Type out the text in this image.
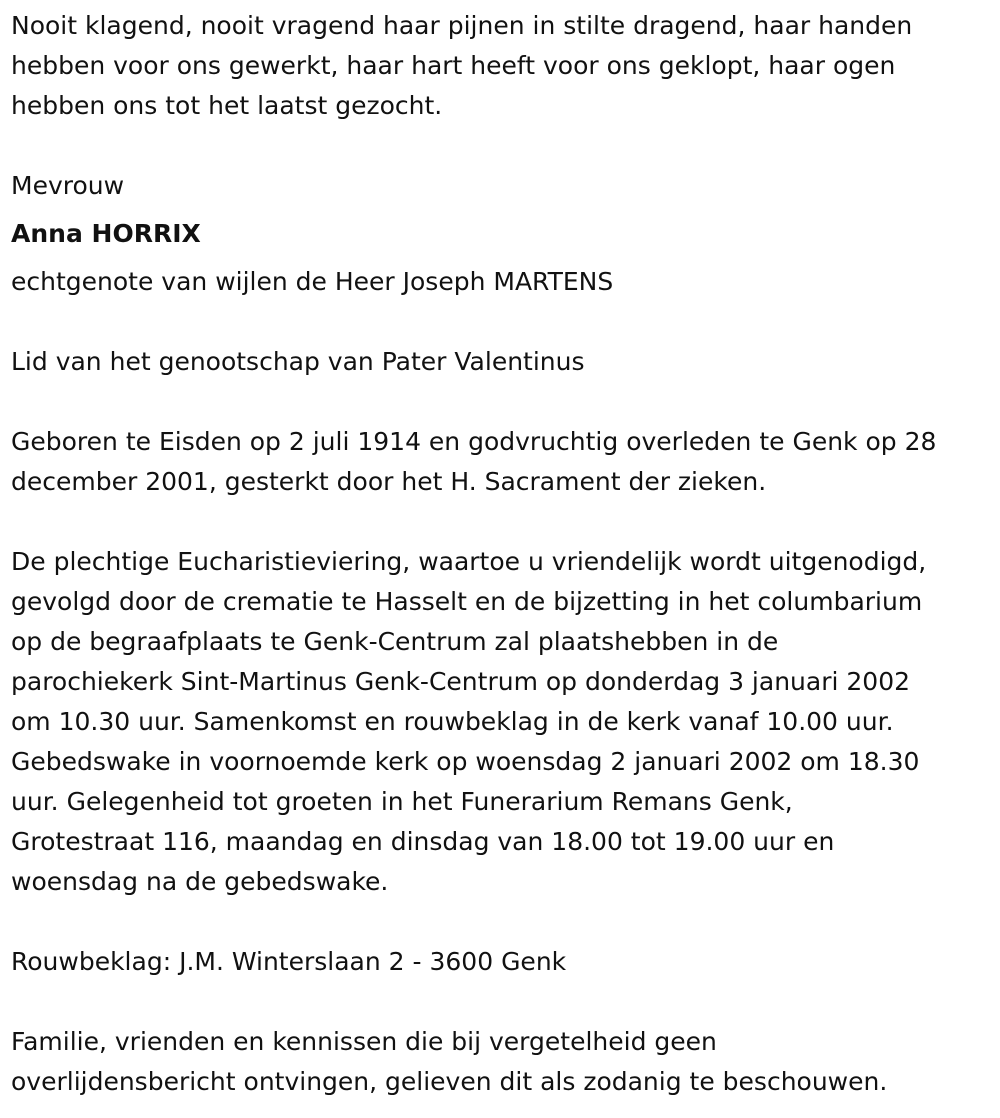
Nooit klagend, nooit vragend haar pijnen in stilte dragend, haar handen
hebben voor ons gewerkt, haar hart heeft voor ons geklopt, haar ogen
hebben ons tot het laatst gezocht.
Mevrouw
Anna HORRIX
echtgenote van wijlen de Heer Joseph MARTENS
Lid van het genootschap van Pater Valentinus
Geboren te Eisden op 2 juli 1914 en godvruchtig overleden te Genk op 28
december 2001, gesterkt door het H. Sacrament der zieken.
De plechtige Eucharistieviering, waartoe u vriendelijk wordt uitgenodigd,
gevolgd door de crematie te Hasselt en de bijzetting in het columbarium
op de begraafplaats te Genk-Centrum zal plaatshebben in de
parochiekerk Sint-Martinus Genk-Centrum op donderdag 3 januari 2002
om 10.30 uur. Samenkomst en rouwbeklag in de kerk vanaf 10.00 uur.
Gebedswake in voornoemde kerk op woensdag 2 januari 2002 om 18.30
uur. Gelegenheid tot groeten in het Funerarium Remans Genk,
Grotestraat 116, maandag en dinsdag van 18.00 tot 19.00 uur en
woensdag na de gebedswake.
Rouwbeklag: J.M. Winterslaan 2 - 3600 Genk
Familie, vrienden en kennissen die bij vergetelheid geen
overlijdensbericht ontvingen, gelieven dit als zodanig te beschouwen.
